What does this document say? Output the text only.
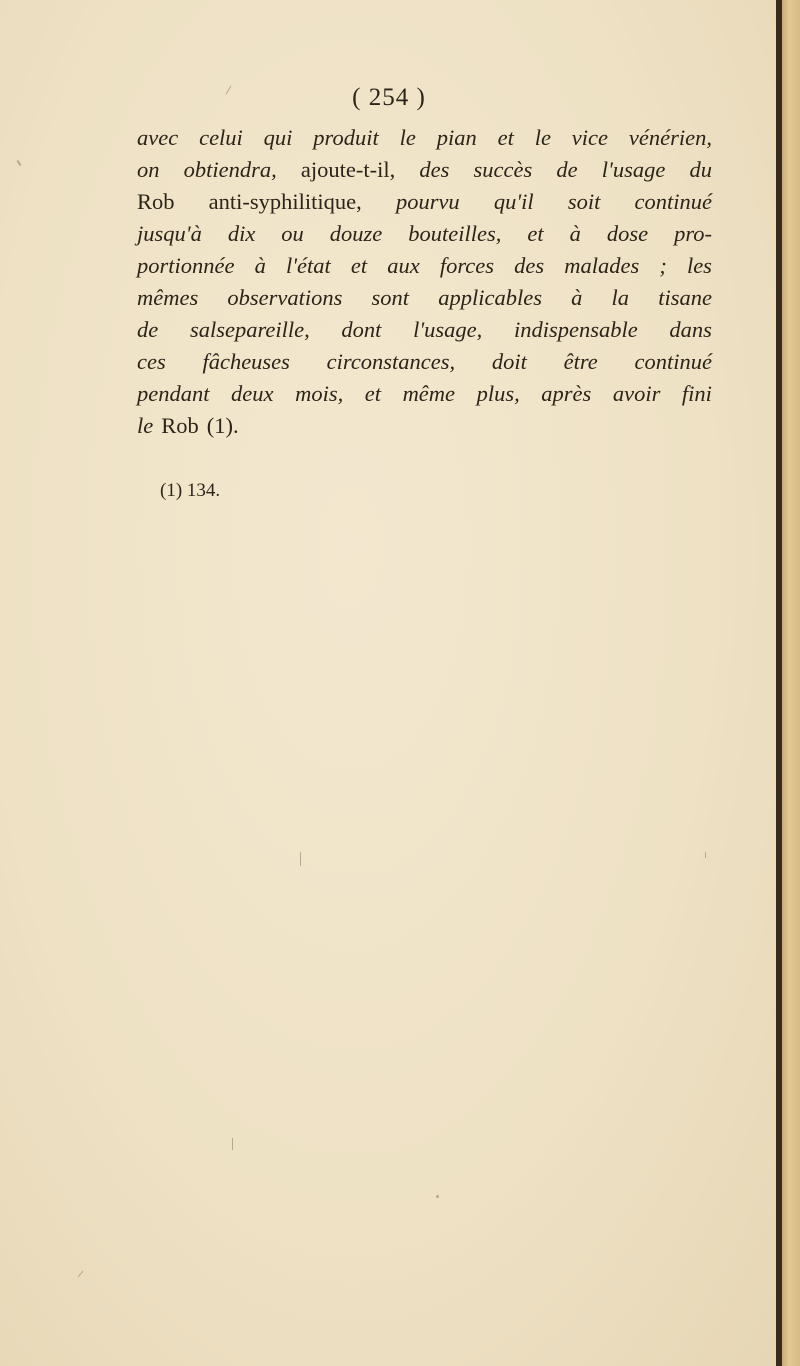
( 254 )
avec celui qui produit le pian et le vice vénérien,
on obtiendra, ajoute-t-il, des succès de l'usage du
Rob anti-syphilitique, pourvu qu'il soit continué
jusqu'à dix ou douze bouteilles, et à dose pro-
portionnée à l'état et aux forces des malades ; les
mêmes observations sont applicables à la tisane
de salsepareille, dont l'usage, indispensable dans
ces fâcheuses circonstances, doit être continué
pendant deux mois, et même plus, après avoir fini
le Rob (1).
(1) 134.
